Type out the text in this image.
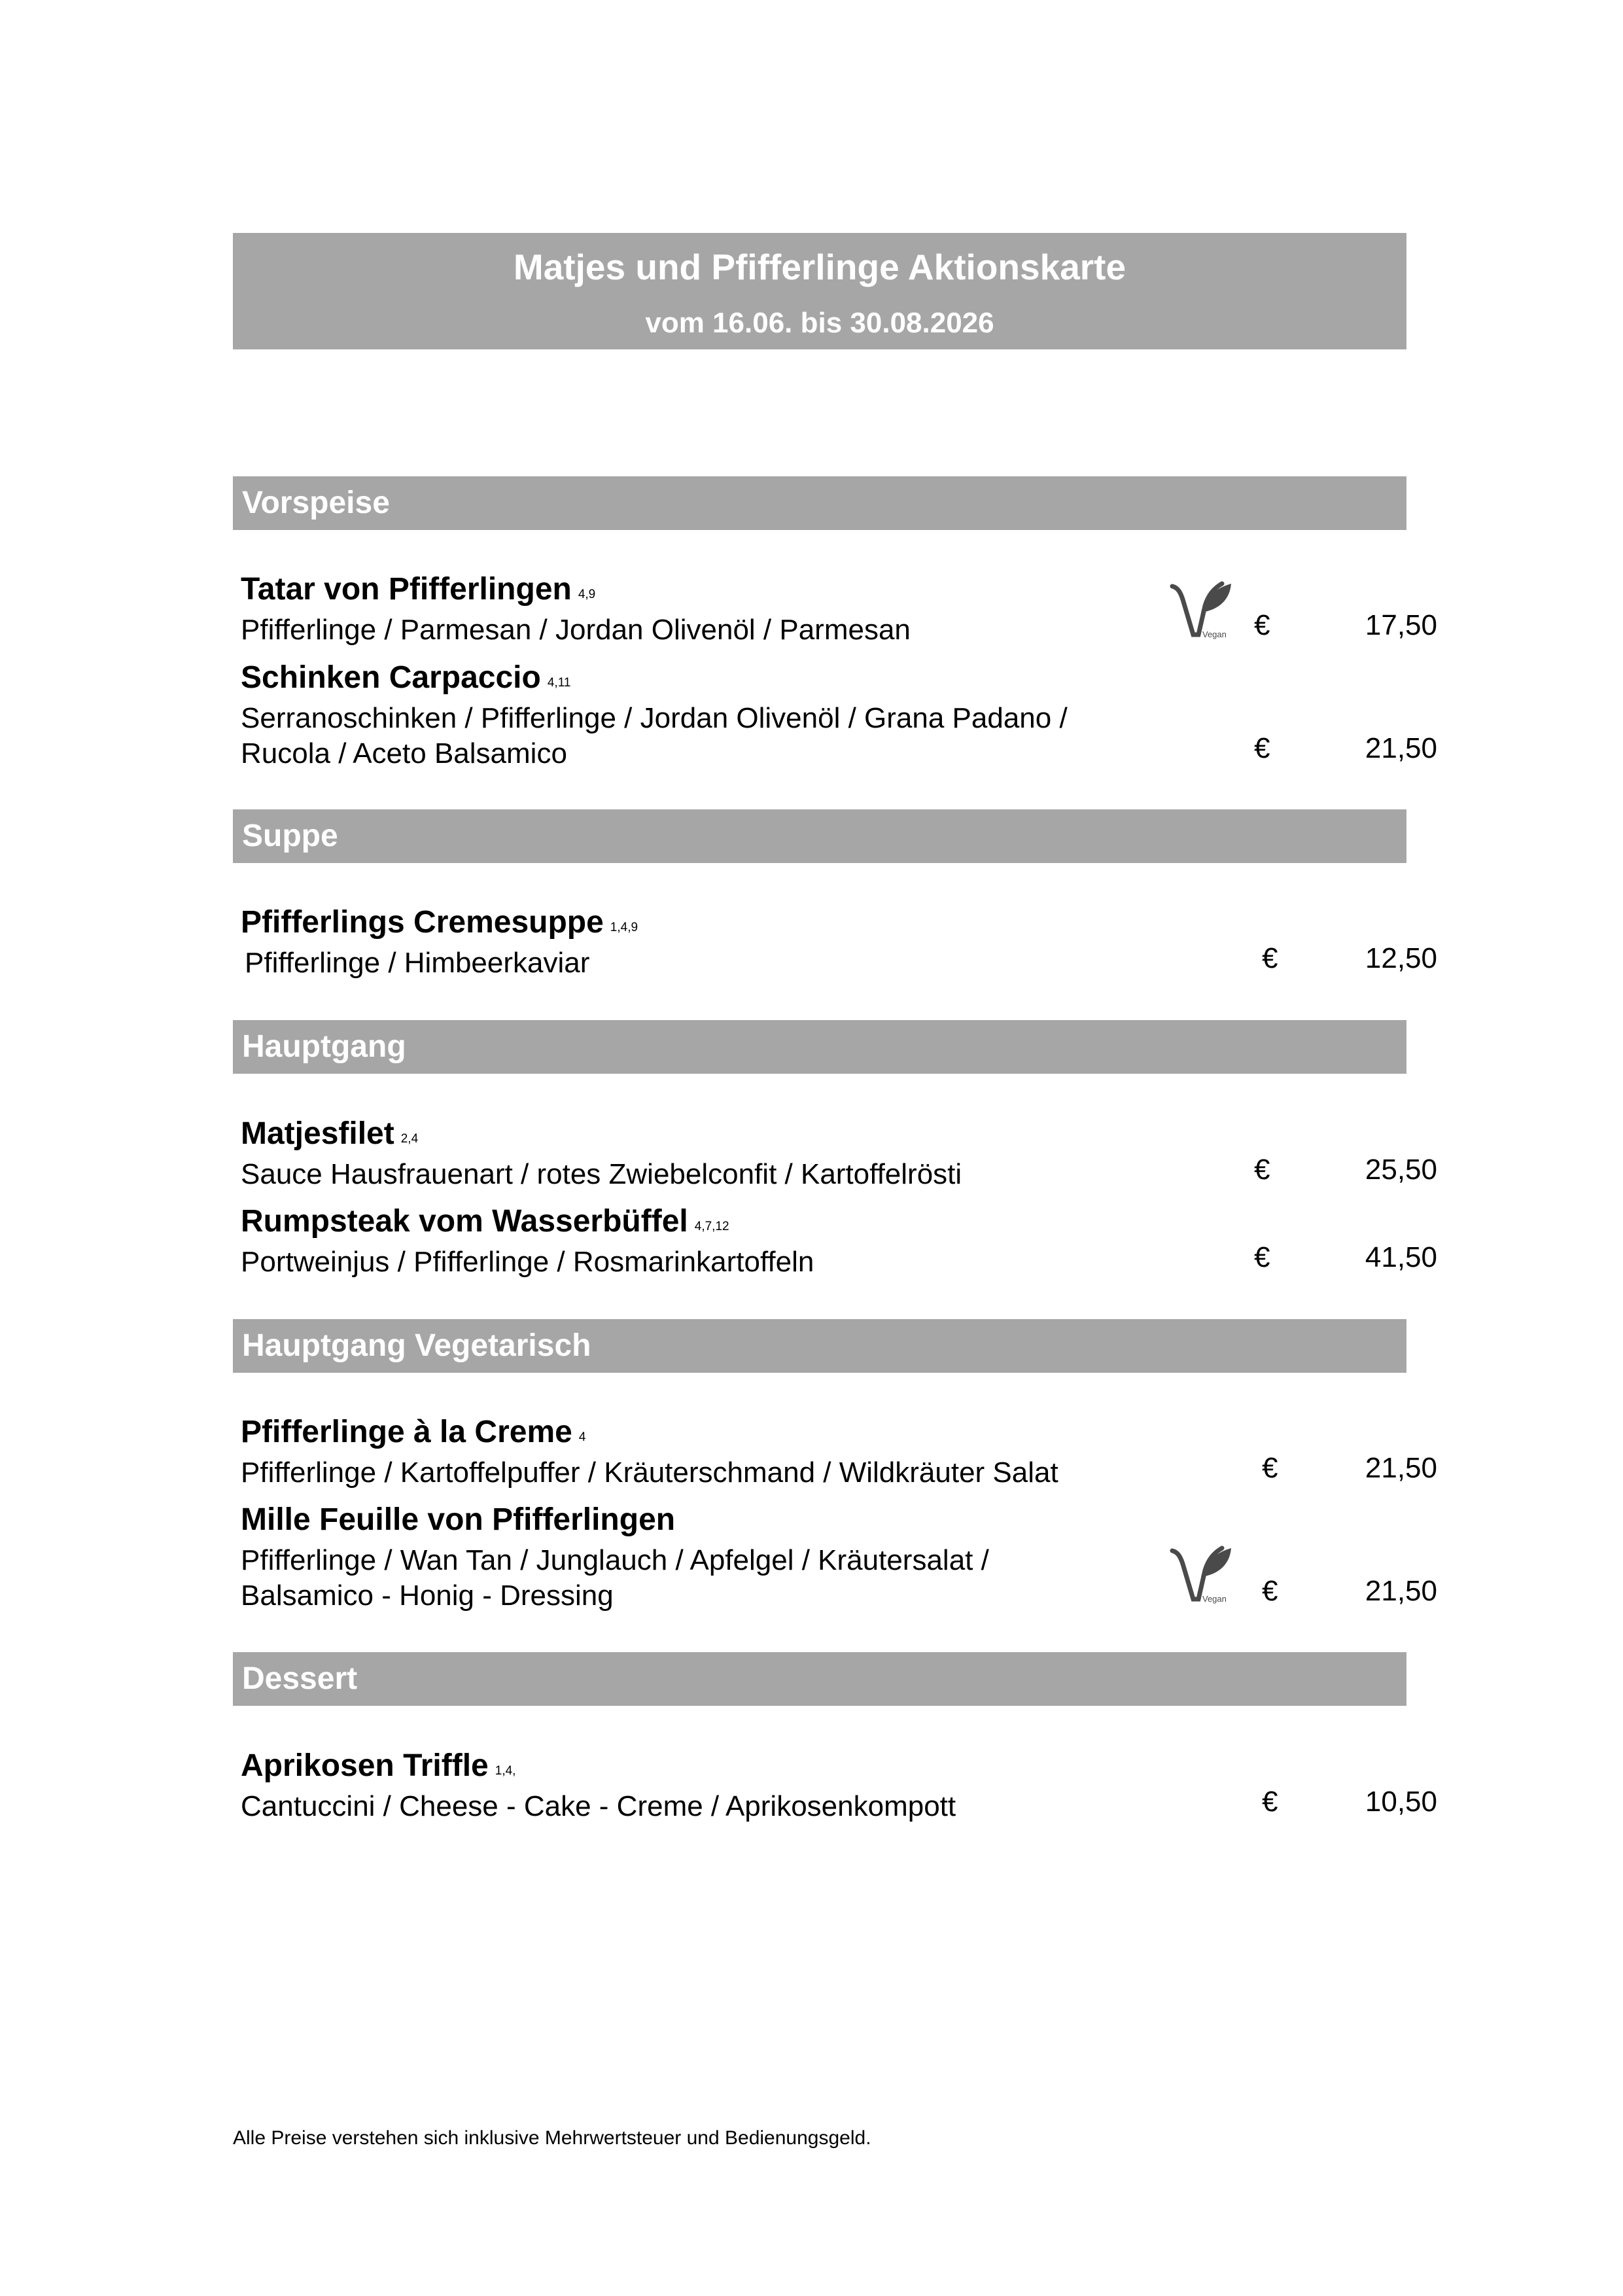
Matjes und Pfifferlinge Aktionskarte
vom 16.06. bis 30.08.2026
Vorspeise
Tatar von Pfifferlingen 4,9
Pfifferlinge / Parmesan / Jordan Olivenöl / Parmesan	Vegan €	17,50
Schinken Carpaccio 4,11
Serranoschinken / Pfifferlinge / Jordan Olivenöl / Grana Padano /
Rucola / Aceto Balsamico	€	21,50
Suppe
Pfifferlings Cremesuppe 1,4,9
Pfifferlinge / Himbeerkaviar	€	12,50
Hauptgang
Matjesfilet 2,4
Sauce Hausfrauenart / rotes Zwiebelconfit / Kartoffelrösti	€	25,50
Rumpsteak vom Wasserbüffel 4,7,12
Portweinjus / Pfifferlinge / Rosmarinkartoffeln	€	41,50
Hauptgang Vegetarisch
Pfifferlinge à la Creme 4
Pfifferlinge / Kartoffelpuffer / Kräuterschmand / Wildkräuter Salat	€	21,50
Mille Feuille von Pfifferlingen
Pfifferlinge / Wan Tan / Junglauch / Apfelgel / Kräutersalat /
Balsamico - Honig - Dressing	Vegan €	21,50
Dessert
Aprikosen Triffle 1,4,
Cantuccini / Cheese - Cake - Creme / Aprikosenkompott	€	10,50
Alle Preise verstehen sich inklusive Mehrwertsteuer und Bedienungsgeld.
